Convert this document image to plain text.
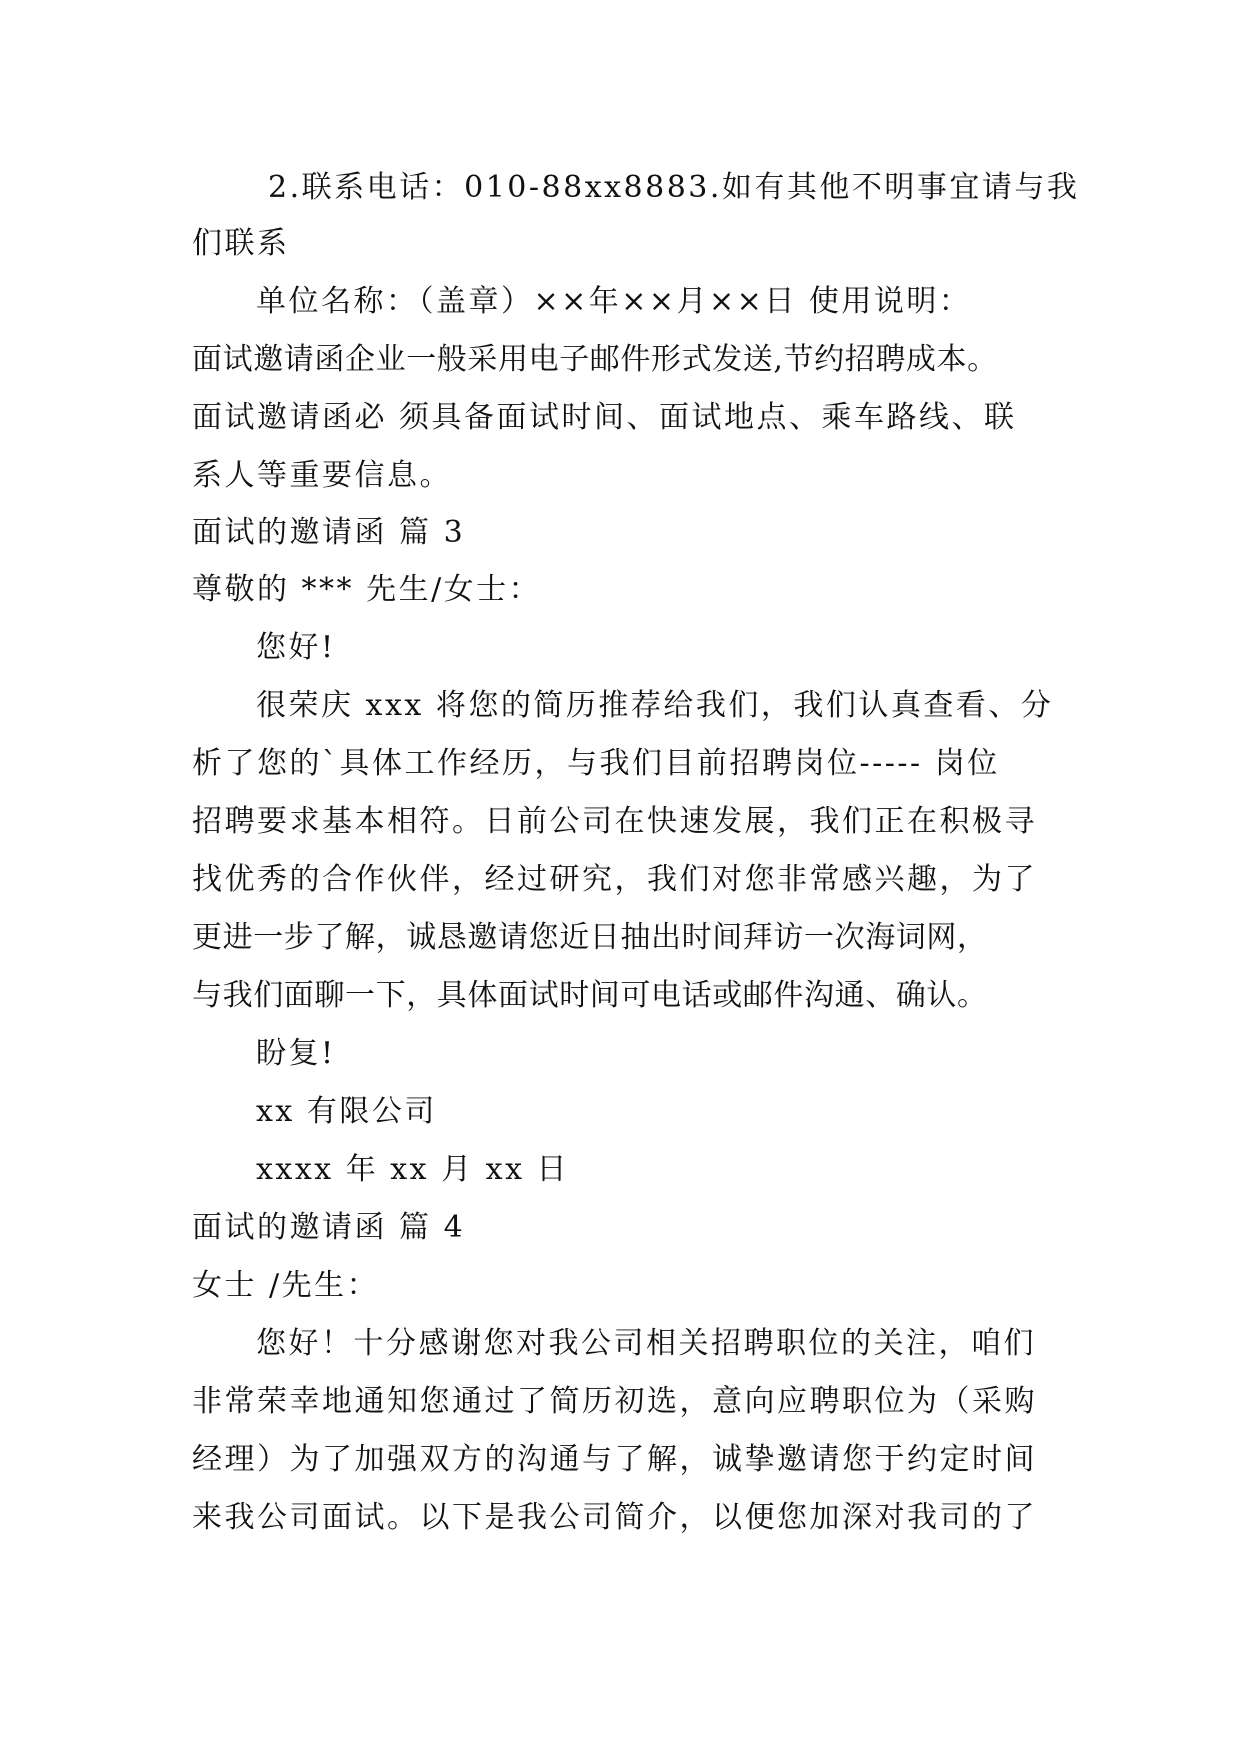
2.联系电话：010-88xx8883.如有其他不明事宜请与我
们联系
单位名称：（盖章）××年××月××日 使用说明：
面试邀请函企业一般采用电子邮件形式发送,节约招聘成本。
面试邀请函必 须具备面试时间、面试地点、乘车路线、联
系人等重要信息。
面试的邀请函 篇 3
尊敬的 *** 先生/女士：
您好!
很荣庆 xxx 将您的简历推荐给我们，我们认真查看、分
析了您的`具体工作经历，与我们目前招聘岗位----- 岗位
招聘要求基本相符。日前公司在快速发展，我们正在积极寻
找优秀的合作伙伴，经过研究，我们对您非常感兴趣，为了
更进一步了解，诚恳邀请您近日抽出时间拜访一次海词网，
与我们面聊一下，具体面试时间可电话或邮件沟通、确认。
盼复!
xx 有限公司
xxxx 年 xx 月 xx 日
面试的邀请函 篇 4
女士 /先生：
您好！十分感谢您对我公司相关招聘职位的关注，咱们
非常荣幸地通知您通过了简历初选，意向应聘职位为（采购
经理）为了加强双方的沟通与了解，诚挚邀请您于约定时间
来我公司面试。以下是我公司简介，以便您加深对我司的了
